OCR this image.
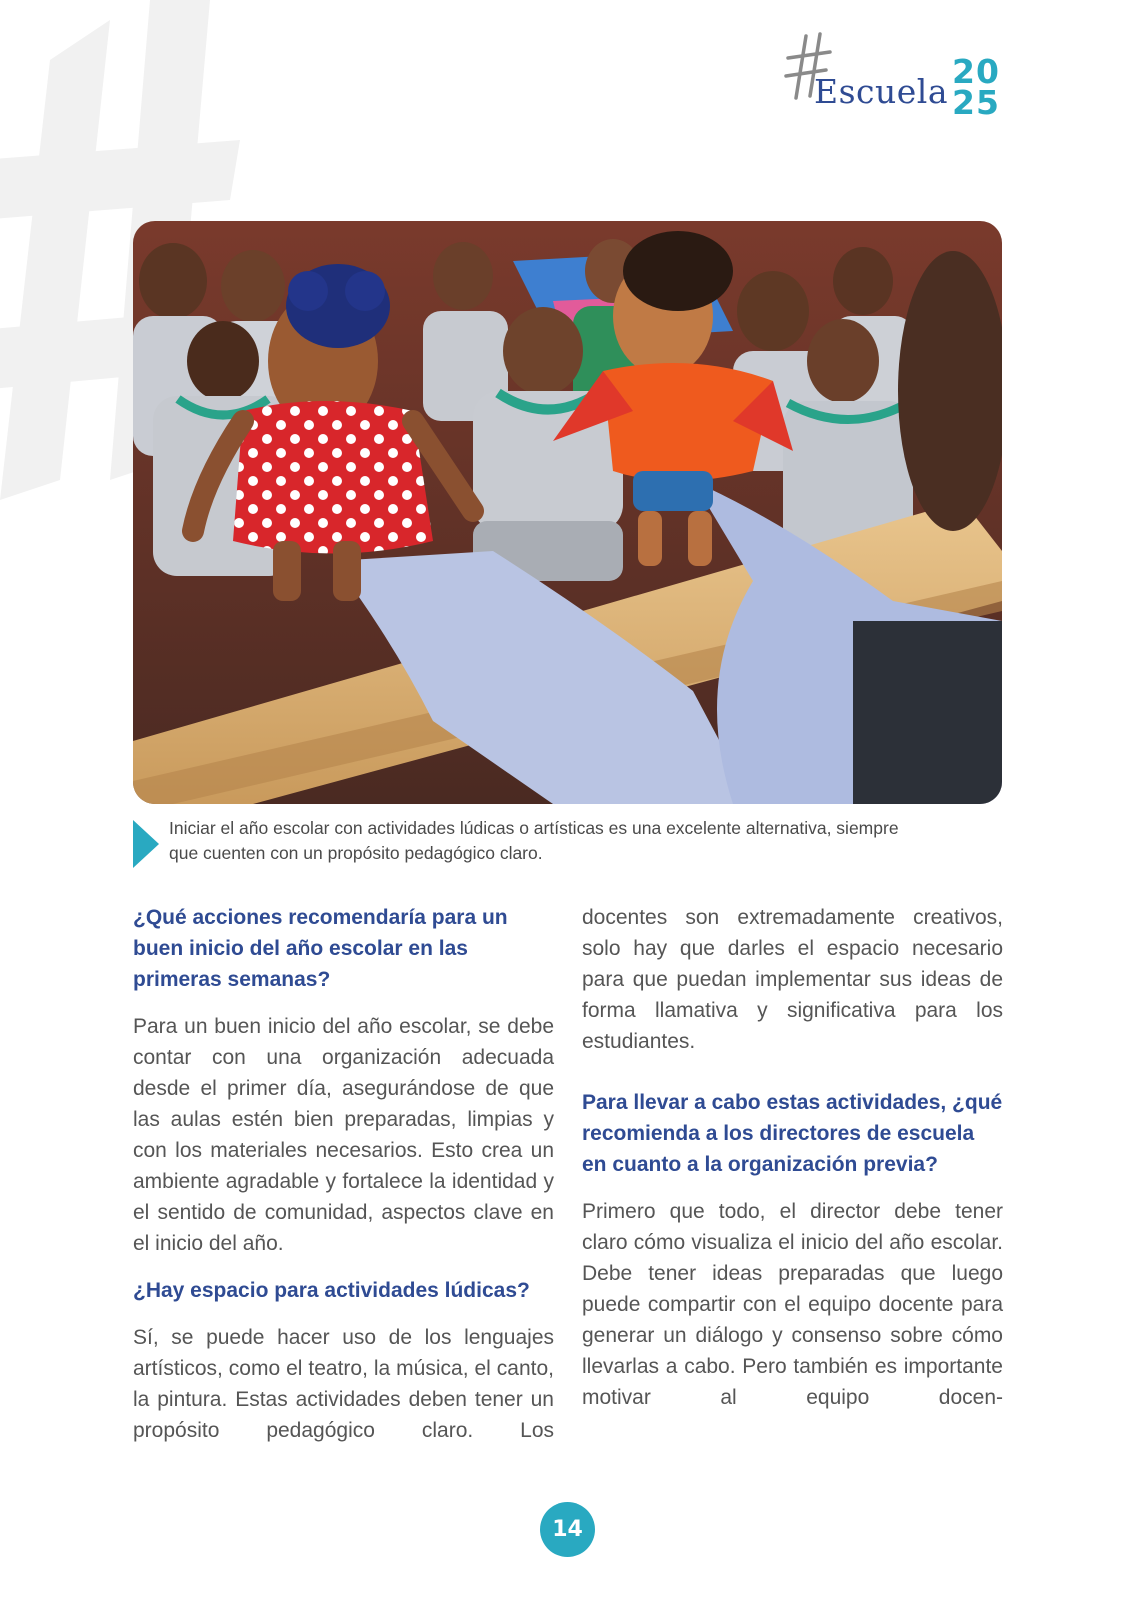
Escuela
20
25

Iniciar el año escolar con actividades lúdicas o artísticas es una excelente alternativa, siempre que cuenten con un propósito pedagógico claro.

¿Qué acciones recomendaría para un buen inicio del año escolar en las primeras semanas?

Para un buen inicio del año escolar, se debe contar con una organización adecuada desde el primer día, asegurándose de que las aulas estén bien preparadas, limpias y con los materiales necesarios. Esto crea un ambiente agradable y fortalece la identidad y el sentido de comunidad, aspectos clave en el inicio del año.

¿Hay espacio para actividades lúdicas?

Sí, se puede hacer uso de los lenguajes artísticos, como el teatro, la música, el canto, la pintura. Estas actividades deben tener un propósito pedagógico claro. Los

docentes son extremadamente creativos, solo hay que darles el espacio necesario para que puedan implementar sus ideas de forma llamativa y significativa para los estudiantes.

Para llevar a cabo estas actividades, ¿qué recomienda a los directores de escuela en cuanto a la organización previa?

Primero que todo, el director debe tener claro cómo visualiza el inicio del año escolar. Debe tener ideas preparadas que luego puede compartir con el equipo docente para generar un diálogo y consenso sobre cómo llevarlas a cabo. Pero también es importante motivar al equipo docen-

14
